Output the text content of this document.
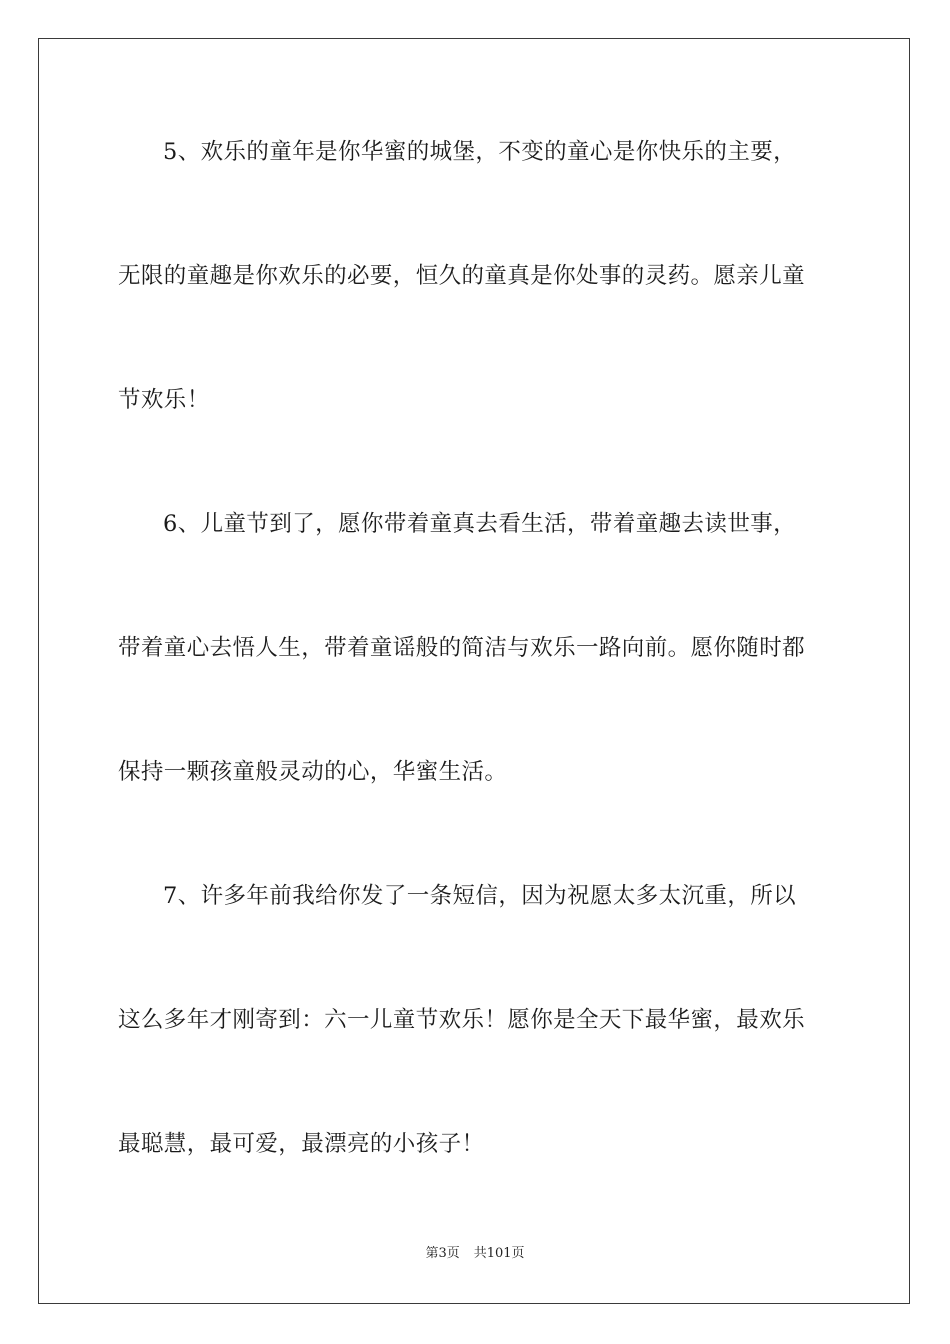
5、欢乐的童年是你华蜜的城堡，不变的童心是你快乐的主要，
无限的童趣是你欢乐的必要，恒久的童真是你处事的灵药。愿亲儿童
节欢乐！
6、儿童节到了，愿你带着童真去看生活，带着童趣去读世事，
带着童心去悟人生，带着童谣般的简洁与欢乐一路向前。愿你随时都
保持一颗孩童般灵动的心，华蜜生活。
7、许多年前我给你发了一条短信，因为祝愿太多太沉重，所以
这么多年才刚寄到：六一儿童节欢乐！愿你是全天下最华蜜，最欢乐
最聪慧，最可爱，最漂亮的小孩子！
第3页 共101页
